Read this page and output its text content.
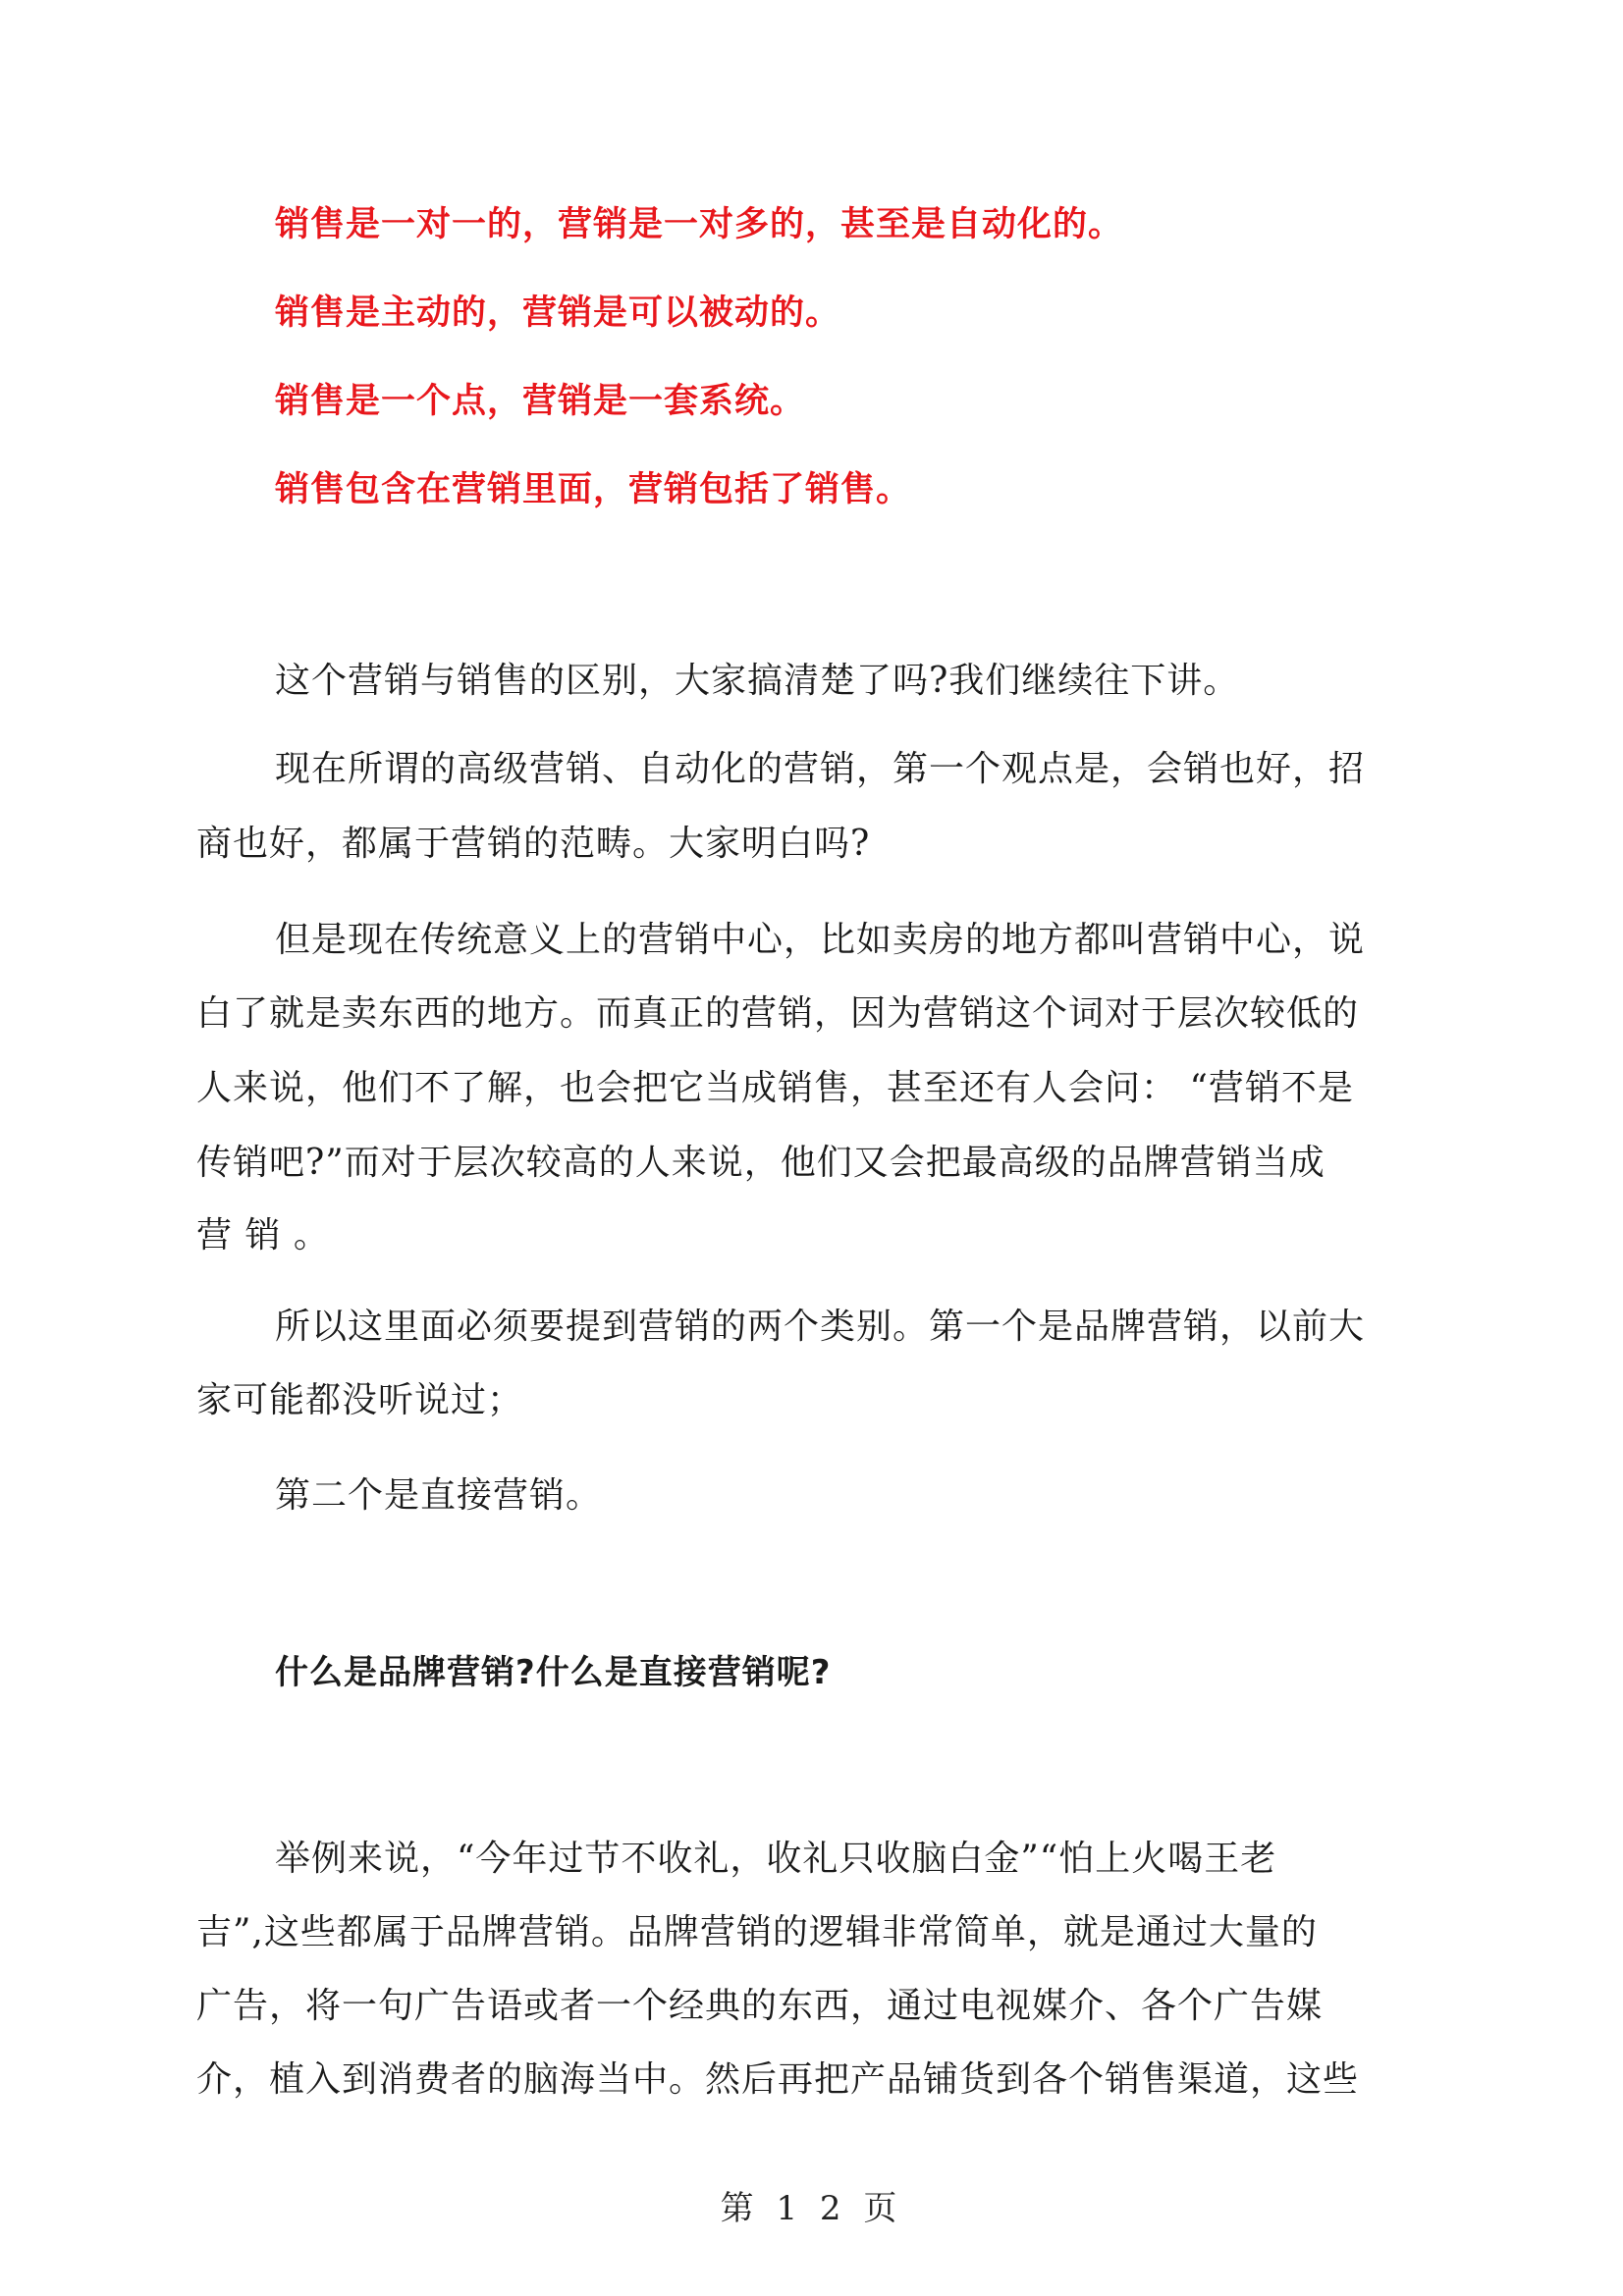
销售是一对一的，营销是一对多的，甚至是自动化的。
销售是主动的，营销是可以被动的。
销售是一个点，营销是一套系统。
销售包含在营销里面，营销包括了销售。
这个营销与销售的区别，大家搞清楚了吗?我们继续往下讲。
现在所谓的高级营销、自动化的营销，第一个观点是，会销也好，招
商也好，都属于营销的范畴。大家明白吗?
但是现在传统意义上的营销中心，比如卖房的地方都叫营销中心，说
白了就是卖东西的地方。而真正的营销，因为营销这个词对于层次较低的
人来说，他们不了解，也会把它当成销售，甚至还有人会问： “营销不是
传销吧?”而对于层次较高的人来说，他们又会把最高级的品牌营销当成
营 销 。
所以这里面必须要提到营销的两个类别。第一个是品牌营销，以前大
家可能都没听说过；
第二个是直接营销。
什么是品牌营销?什么是直接营销呢?
举例来说，“今年过节不收礼，收礼只收脑白金”“怕上火喝王老
吉”,这些都属于品牌营销。品牌营销的逻辑非常简单，就是通过大量的
广告，将一句广告语或者一个经典的东西，通过电视媒介、各个广告媒
介，植入到消费者的脑海当中。然后再把产品铺货到各个销售渠道，这些
第 1 2 页
